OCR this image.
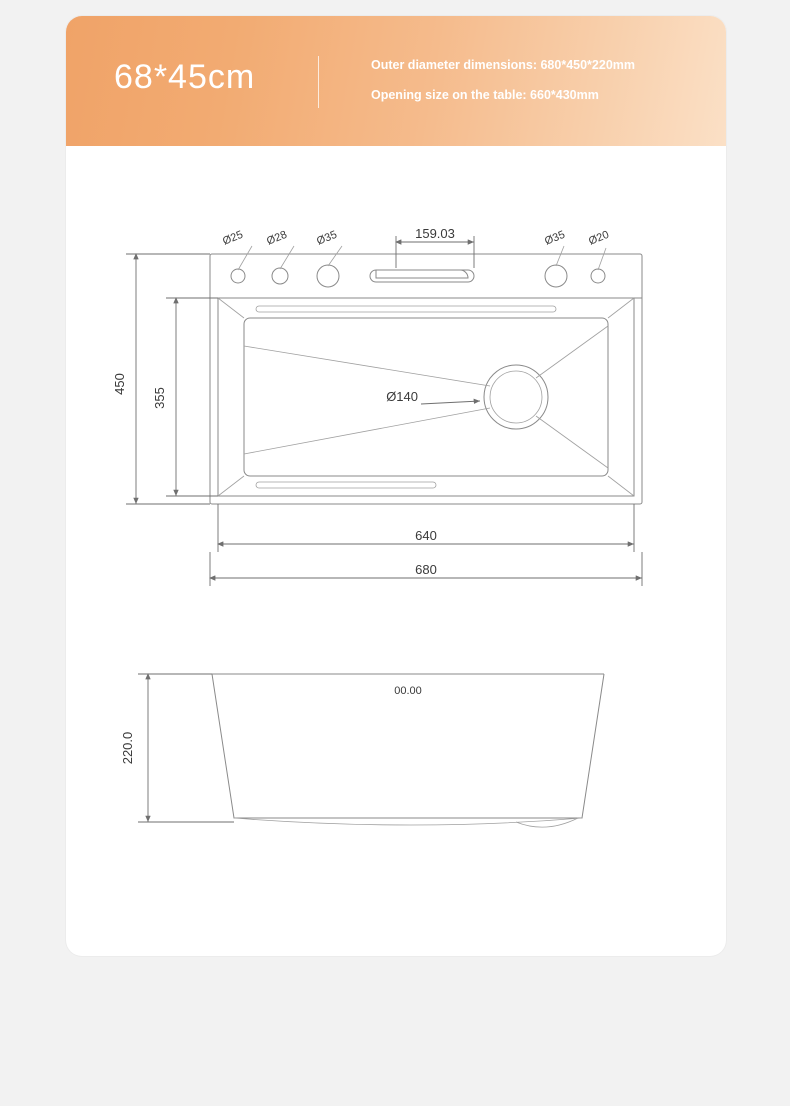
68*45cm	Outer diameter dimensions: 680*450*220mm
Opening size on the table: 660*430mm
Ø25 Ø28 Ø35	Ø35 Ø20
159.03
Ø140
450
355
640
680
00.00
220.0
